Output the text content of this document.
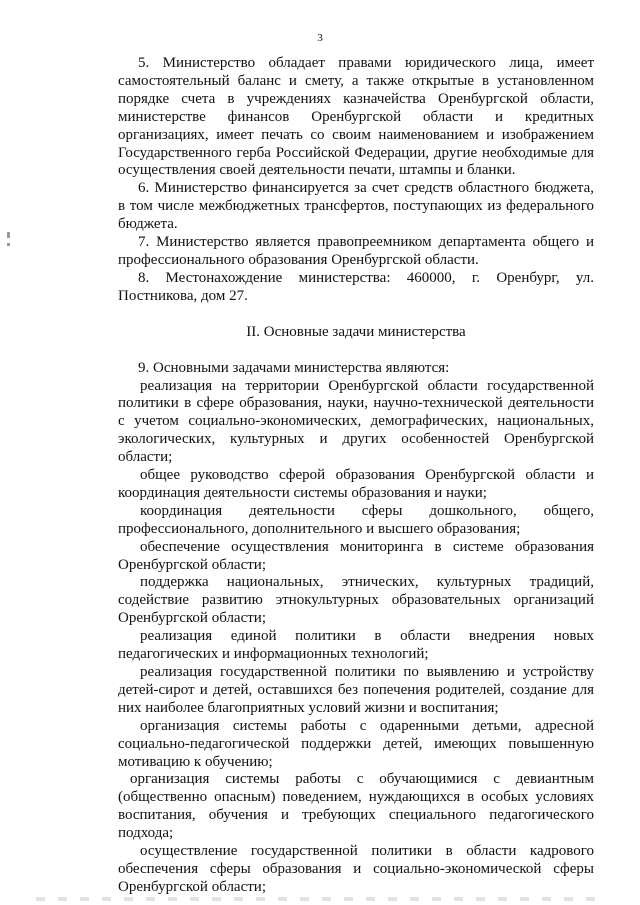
3

5. Министерство обладает правами юридического лица, имеет самостоятельный баланс и смету, а также открытые в установленном порядке счета в учреждениях казначейства Оренбургской области, министерстве финансов Оренбургской области и кредитных организациях, имеет печать со своим наименованием и изображением Государственного герба Российской Федерации, другие необходимые для осуществления своей деятельности печати, штампы и бланки.

6. Министерство финансируется за счет средств областного бюджета, в том числе межбюджетных трансфертов, поступающих из федерального бюджета.

7. Министерство является правопреемником департамента общего и профессионального образования Оренбургской области.

8. Местонахождение министерства: 460000, г. Оренбург, ул. Постникова, дом 27.

II. Основные задачи министерства

9. Основными задачами министерства являются:

реализация на территории Оренбургской области государственной политики в сфере образования, науки, научно-технической деятельности с учетом социально-экономических, демографических, национальных, экологических, культурных и других особенностей Оренбургской области;

общее руководство сферой образования Оренбургской области и координация деятельности системы образования и науки;

координация деятельности сферы дошкольного, общего, профессионального, дополнительного и высшего образования;

обеспечение осуществления мониторинга в системе образования Оренбургской области;

поддержка национальных, этнических, культурных традиций, содействие развитию этнокультурных образовательных организаций Оренбургской области;

реализация единой политики в области внедрения новых педагогических и информационных технологий;

реализация государственной политики по выявлению и устройству детей-сирот и детей, оставшихся без попечения родителей, создание для них наиболее благоприятных условий жизни и воспитания;

организация системы работы с одаренными детьми, адресной социально-педагогической поддержки детей, имеющих повышенную мотивацию к обучению;

организация системы работы с обучающимися с девиантным (общественно опасным) поведением, нуждающихся в особых условиях воспитания, обучения и требующих специального педагогического подхода;

осуществление государственной политики в области кадрового обеспечения сферы образования и социально-экономической сферы Оренбургской области;
